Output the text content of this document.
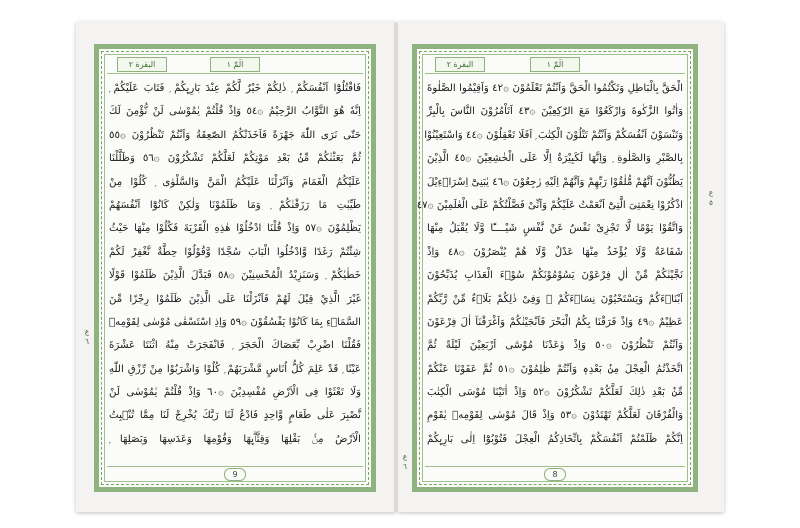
البقرة ٢	الٓمّٓ ١
فَاقْتُلُوْٓا اَنْفُسَكُمْ ۭ ذٰلِكُمْ خَيْرٌ لَّكُمْ عِنْدَ بَارِىِٕكُمْ ۭ فَتَابَ عَلَيْكُمْ ۭ
اِنَّهٗ هُوَ التَّوَّابُ الرَّحِيْمُ ۞٥٤ وَاِذْ قُلْتُمْ يٰمُوْسٰى لَنْ نُّؤْمِنَ لَكَ
حَتّٰى نَرَى اللّٰهَ جَهْرَةً فَاَخَذَتْكُمُ الصّٰعِقَةُ وَاَنْتُمْ تَنْظُرُوْنَ ۞٥٥
ثُمَّ بَعَثْنٰكُمْ مِّنْۢ بَعْدِ مَوْتِكُمْ لَعَلَّكُمْ تَشْكُرُوْنَ ۞٥٦ وَظَلَّلْنَا
عَلَيْكُمُ الْغَمَامَ وَاَنْزَلْنَا عَلَيْكُمُ الْمَنَّ وَالسَّلْوٰى ۭ كُلُوْا مِنْ
طَيِّبٰتِ مَا رَزَقْنٰكُمْ ۭ وَمَا ظَلَمُوْنَا وَلٰكِنْ كَانُوْٓا اَنْفُسَهُمْ
يَظْلِمُوْنَ ۞٥٧ وَاِذْ قُلْنَا ادْخُلُوْا هٰذِهِ الْقَرْيَةَ فَكُلُوْا مِنْهَا حَيْثُ
شِئْتُمْ رَغَدًا وَّادْخُلُوا الْبَابَ سُجَّدًا وَّقُوْلُوْا حِطَّةٌ نَّغْفِرْ لَكُمْ
خَطٰيٰكُمْ ۭ وَسَنَزِيْدُ الْمُحْسِنِيْنَ ۞٥٨ فَبَدَّلَ الَّذِيْنَ ظَلَمُوْا قَوْلًا
غَيْرَ الَّذِيْ قِيْلَ لَهُمْ فَاَنْزَلْنَا عَلَى الَّذِيْنَ ظَلَمُوْا رِجْزًا مِّنَ
السَّمَاۗءِ بِمَا كَانُوْا يَفْسُقُوْنَ ۞٥٩ وَاِذِ اسْتَسْقٰى مُوْسٰى لِقَوْمِهٖ
فَقُلْنَا اضْرِبْ بِّعَصَاكَ الْحَجَرَ ۭ فَانْفَجَرَتْ مِنْهُ اثْنَتَا عَشْرَةَ
عَيْنًا ۭ قَدْ عَلِمَ كُلُّ اُنَاسٍ مَّشْرَبَهُمْ ۭ كُلُوْا وَاشْرَبُوْا مِنْ رِّزْقِ اللّٰهِ
وَلَا تَعْثَوْا فِى الْاَرْضِ مُفْسِدِيْنَ ۞٦٠ وَاِذْ قُلْتُمْ يٰمُوْسٰى لَنْ
نَّصْبِرَ عَلٰى طَعَامٍ وَّاحِدٍ فَادْعُ لَنَا رَبَّكَ يُخْرِجْ لَنَا مِمَّا تُنْۢبِتُ
الْاَرْضُ مِنْۢ بَقْلِهَا وَقِثَّاۗىِٕهَا وَفُوْمِهَا وَعَدَسِهَا وَبَصَلِهَا ۭ
9
ع
٦
البقرة ٢	الٓمّٓ ١
الْحَقَّ بِالْبَاطِلِ وَتَكْتُمُوا الْحَقَّ وَاَنْتُمْ تَعْلَمُوْنَ ۞٤٢ وَاَقِيْمُوا الصَّلٰوةَ
وَاٰتُوا الزَّكٰوةَ وَارْكَعُوْا مَعَ الرّٰكِعِيْنَ ۞٤٣ اَتَاْمُرُوْنَ النَّاسَ بِالْبِرِّ
وَتَنْسَوْنَ اَنْفُسَكُمْ وَاَنْتُمْ تَتْلُوْنَ الْكِتٰبَ ۭ اَفَلَا تَعْقِلُوْنَ ۞٤٤ وَاسْتَعِيْنُوْا
بِالصَّبْرِ وَالصَّلٰوةِ ۭ وَاِنَّهَا لَكَبِيْرَةٌ اِلَّا عَلَى الْخٰشِعِيْنَ ۞٤٥ الَّذِيْنَ
يَظُنُّوْنَ اَنَّهُمْ مُّلٰقُوْا رَبِّهِمْ وَاَنَّهُمْ اِلَيْهِ رٰجِعُوْنَ ۞٤٦ يٰبَنِىْٓ اِسْرَاۗءِيْلَ
اذْكُرُوْا نِعْمَتِىَ الَّتِىْٓ اَنْعَمْتُ عَلَيْكُمْ وَاَنِّىْ فَضَّلْتُكُمْ عَلَى الْعٰلَمِيْنَ ۞٤٧
وَاتَّقُوْا يَوْمًا لَّا تَجْزِىْ نَفْسٌ عَنْ نَّفْسٍ شَيْــــًٔا وَّلَا يُقْبَلُ مِنْهَا
شَفَاعَةٌ وَّلَا يُؤْخَذُ مِنْهَا عَدْلٌ وَّلَا هُمْ يُنْصَرُوْنَ ۞٤٨ وَاِذْ
نَجَّيْنٰكُمْ مِّنْ اٰلِ فِرْعَوْنَ يَسُوْمُوْنَكُمْ سُوْۗءَ الْعَذَابِ يُذَبِّحُوْنَ
اَبْنَاۗءَكُمْ وَيَسْتَحْيُوْنَ نِسَاۗءَكُمْ ۭ وَفِىْ ذٰلِكُمْ بَلَاۗءٌ مِّنْ رَّبِّكُمْ
عَظِيْمٌ ۞٤٩ وَاِذْ فَرَقْنَا بِكُمُ الْبَحْرَ فَاَنْجَيْنٰكُمْ وَاَغْرَقْنَآ اٰلَ فِرْعَوْنَ
وَاَنْتُمْ تَنْظُرُوْنَ ۞٥٠ وَاِذْ وٰعَدْنَا مُوْسٰٓى اَرْبَعِيْنَ لَيْلَةً ثُمَّ
اتَّخَذْتُمُ الْعِجْلَ مِنْۢ بَعْدِهٖ وَاَنْتُمْ ظٰلِمُوْنَ ۞٥١ ثُمَّ عَفَوْنَا عَنْكُمْ
مِّنْۢ بَعْدِ ذٰلِكَ لَعَلَّكُمْ تَشْكُرُوْنَ ۞٥٢ وَاِذْ اٰتَيْنَا مُوْسَى الْكِتٰبَ
وَالْفُرْقَانَ لَعَلَّكُمْ تَهْتَدُوْنَ ۞٥٣ وَاِذْ قَالَ مُوْسٰى لِقَوْمِهٖ يٰقَوْمِ
اِنَّكُمْ ظَلَمْتُمْ اَنْفُسَكُمْ بِاتِّخَاذِكُمُ الْعِجْلَ فَتُوْبُوْٓا اِلٰى بَارِىِٕكُمْ
8
ع
٥
ع
٦
